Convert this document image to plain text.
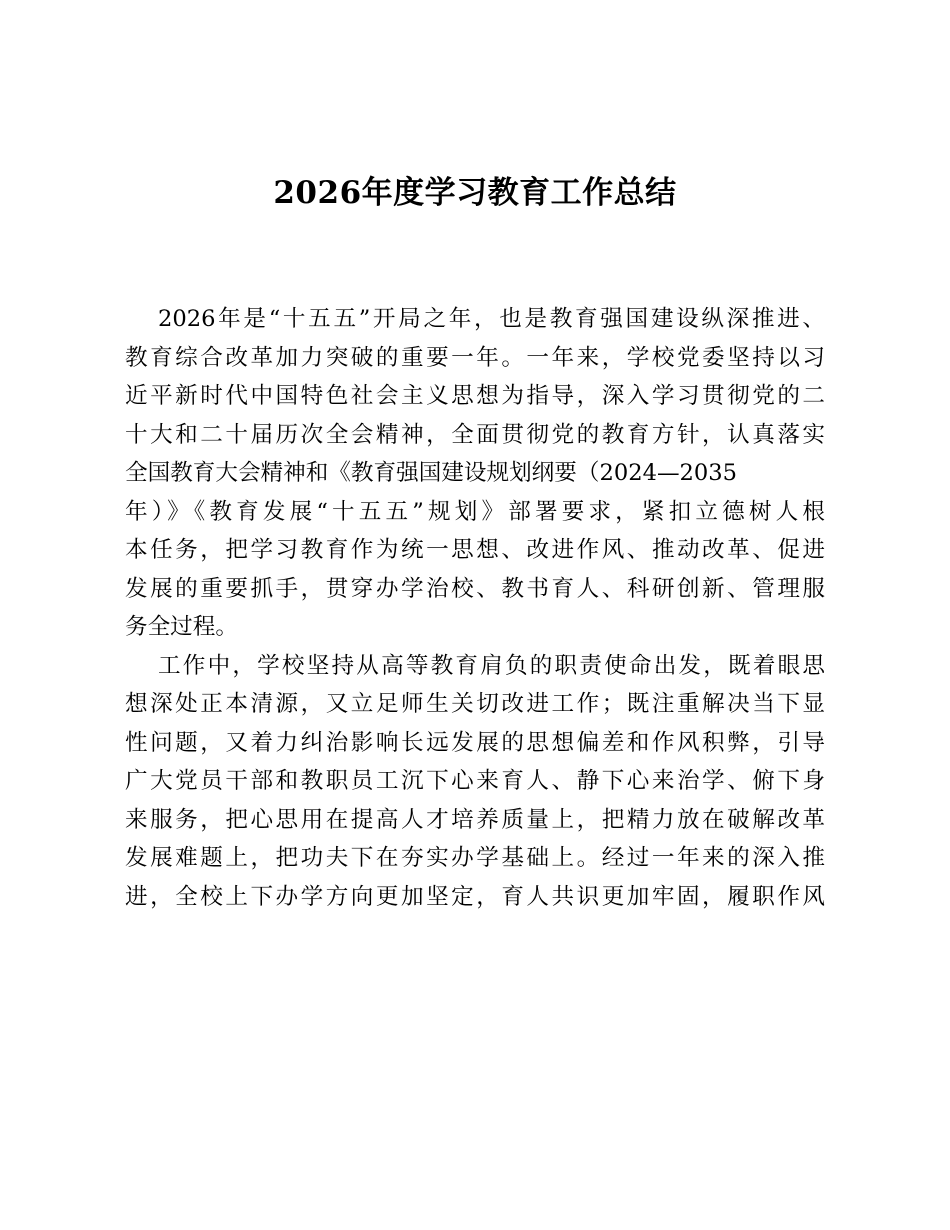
2026年度学习教育工作总结
2026年是“十五五”开局之年，也是教育强国建设纵深推进、
教育综合改革加力突破的重要一年。一年来，学校党委坚持以习
近平新时代中国特色社会主义思想为指导，深入学习贯彻党的二
十大和二十届历次全会精神，全面贯彻党的教育方针，认真落实
全国教育大会精神和《教育强国建设规划纲要（2024—2035
年）》《教育发展“十五五”规划》部署要求，紧扣立德树人根
本任务，把学习教育作为统一思想、改进作风、推动改革、促进
发展的重要抓手，贯穿办学治校、教书育人、科研创新、管理服
务全过程。
工作中，学校坚持从高等教育肩负的职责使命出发，既着眼思
想深处正本清源，又立足师生关切改进工作；既注重解决当下显
性问题，又着力纠治影响长远发展的思想偏差和作风积弊，引导
广大党员干部和教职员工沉下心来育人、静下心来治学、俯下身
来服务，把心思用在提高人才培养质量上，把精力放在破解改革
发展难题上，把功夫下在夯实办学基础上。经过一年来的深入推
进，全校上下办学方向更加坚定，育人共识更加牢固，履职作风
